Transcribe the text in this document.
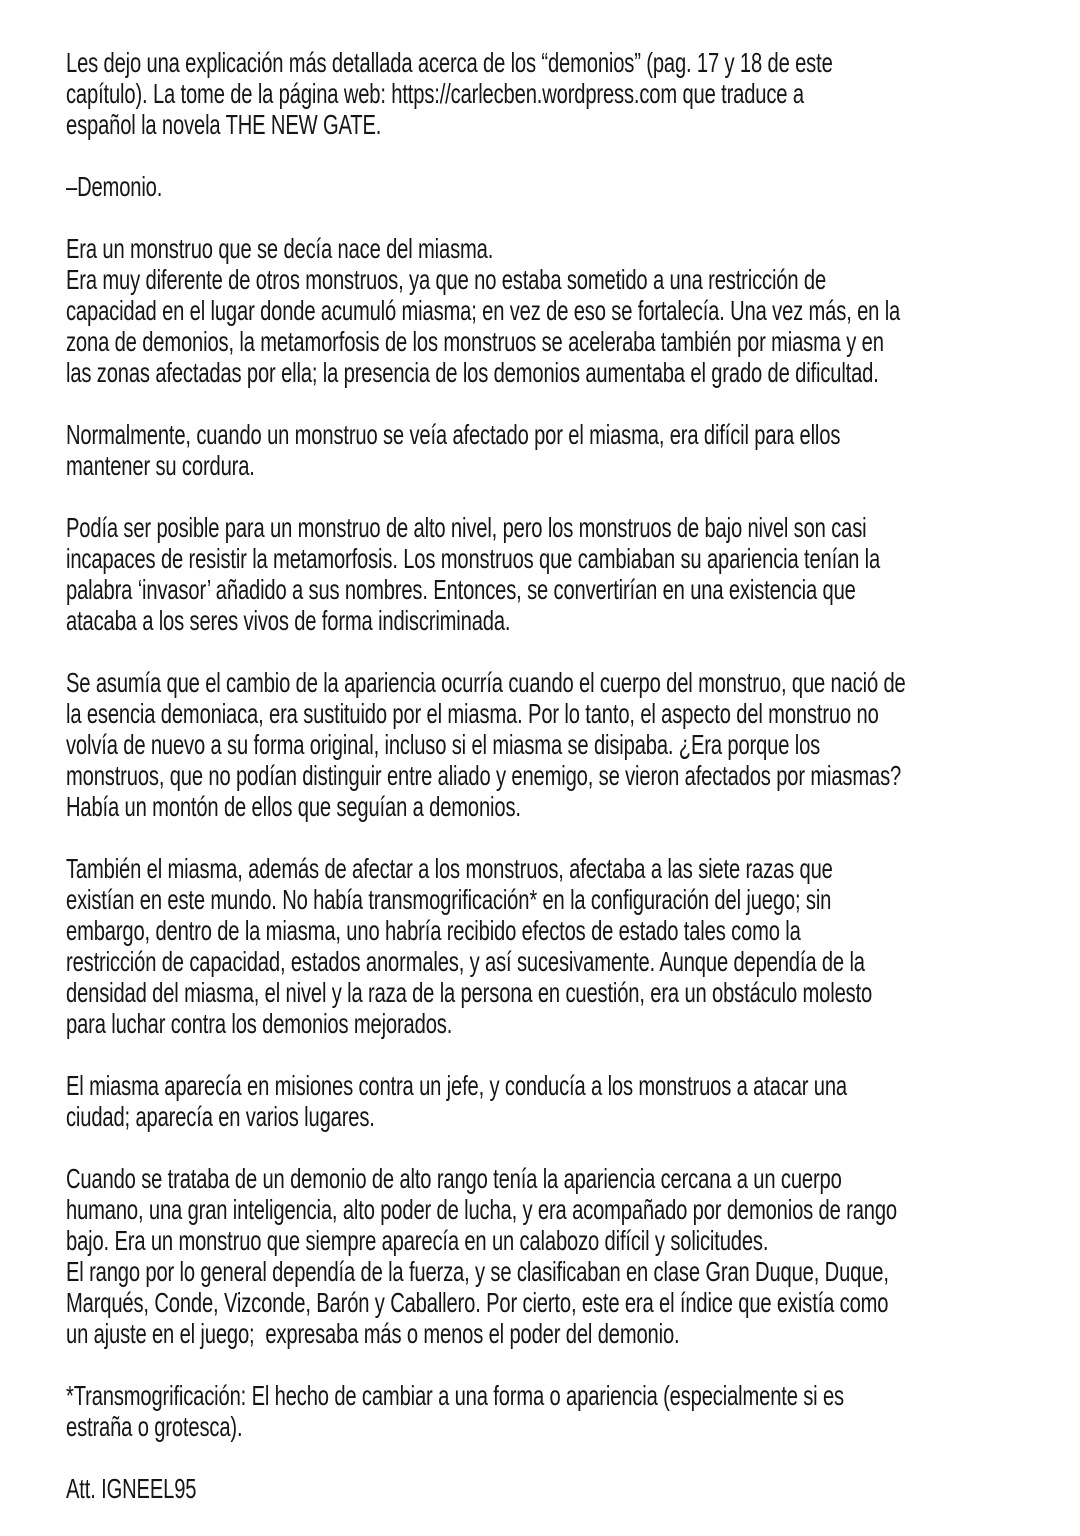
Les dejo una explicación más detallada acerca de los “demonios” (pag. 17 y 18 de este
capítulo). La tome de la página web: https://carlecben.wordpress.com que traduce a
español la novela THE NEW GATE.
–Demonio.
Era un monstruo que se decía nace del miasma.
Era muy diferente de otros monstruos, ya que no estaba sometido a una restricción de
capacidad en el lugar donde acumuló miasma; en vez de eso se fortalecía. Una vez más, en la
zona de demonios, la metamorfosis de los monstruos se aceleraba también por miasma y en
las zonas afectadas por ella; la presencia de los demonios aumentaba el grado de dificultad.
Normalmente, cuando un monstruo se veía afectado por el miasma, era difícil para ellos
mantener su cordura.
Podía ser posible para un monstruo de alto nivel, pero los monstruos de bajo nivel son casi
incapaces de resistir la metamorfosis. Los monstruos que cambiaban su apariencia tenían la
palabra ‘invasor’ añadido a sus nombres. Entonces, se convertirían en una existencia que
atacaba a los seres vivos de forma indiscriminada.
Se asumía que el cambio de la apariencia ocurría cuando el cuerpo del monstruo, que nació de
la esencia demoniaca, era sustituido por el miasma. Por lo tanto, el aspecto del monstruo no
volvía de nuevo a su forma original, incluso si el miasma se disipaba. ¿Era porque los
monstruos, que no podían distinguir entre aliado y enemigo, se vieron afectados por miasmas?
Había un montón de ellos que seguían a demonios.
También el miasma, además de afectar a los monstruos, afectaba a las siete razas que
existían en este mundo. No había transmogrificación* en la configuración del juego; sin
embargo, dentro de la miasma, uno habría recibido efectos de estado tales como la
restricción de capacidad, estados anormales, y así sucesivamente. Aunque dependía de la
densidad del miasma, el nivel y la raza de la persona en cuestión, era un obstáculo molesto
para luchar contra los demonios mejorados.
El miasma aparecía en misiones contra un jefe, y conducía a los monstruos a atacar una
ciudad; aparecía en varios lugares.
Cuando se trataba de un demonio de alto rango tenía la apariencia cercana a un cuerpo
humano, una gran inteligencia, alto poder de lucha, y era acompañado por demonios de rango
bajo. Era un monstruo que siempre aparecía en un calabozo difícil y solicitudes.
El rango por lo general dependía de la fuerza, y se clasificaban en clase Gran Duque, Duque,
Marqués, Conde, Vizconde, Barón y Caballero. Por cierto, este era el índice que existía como
un ajuste en el juego;  expresaba más o menos el poder del demonio.
*Transmogrificación: El hecho de cambiar a una forma o apariencia (especialmente si es
estraña o grotesca).
Att. IGNEEL95
